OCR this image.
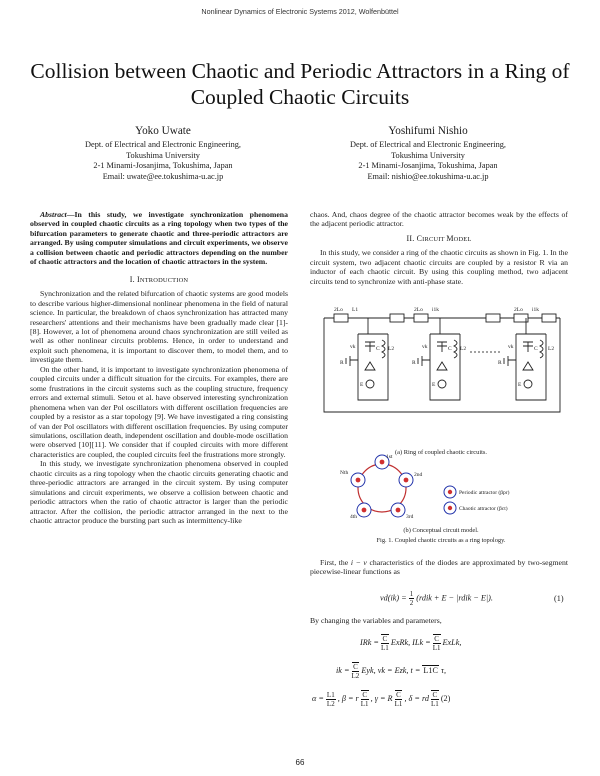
Nonlinear Dynamics of Electronic Systems 2012, Wolfenbüttel
Collision between Chaotic and Periodic Attractors in a Ring of Coupled Chaotic Circuits
Yoko Uwate
Dept. of Electrical and Electronic Engineering,
Tokushima University
2-1 Minami-Josanjima, Tokushima, Japan
Email: uwate@ee.tokushima-u.ac.jp
Yoshifumi Nishio
Dept. of Electrical and Electronic Engineering,
Tokushima University
2-1 Minami-Josanjima, Tokushima, Japan
Email: nishio@ee.tokushima-u.ac.jp

Abstract—In this study, we investigate synchronization phenomena observed in coupled chaotic circuits as a ring topology when two types of the bifurcation parameters to generate chaotic and three-periodic attractors are arranged. By using computer simulations and circuit experiments, we observe a collision between chaotic and periodic attractors depending on the number of chaotic attractors and the location of chaotic attractors in the system.

I. INTRODUCTION

Synchronization and the related bifurcation of chaotic systems are good models to describe various higher-dimensional nonlinear phenomena in the field of natural science. In particular, the breakdown of chaos synchronization has attracted many researchers' attentions and their mechanisms have been gradually made clear [1]-[8]. However, a lot of phenomena around chaos synchronization are still veiled as well as other nonlinear circuits problems. Hence, in order to understand and exploit such phenomena, it is important to discover them, to model them, and to investigate them.

On the other hand, it is important to investigate synchronization phenomena of coupled circuits under a difficult situation for the circuits. For examples, there are some frustrations in the circuit systems such as the coupling structure, frequency errors and external stimuli. Setou et al. have observed interesting synchronization phenomena when van der Pol oscillators with different oscillation frequencies are coupled by a resistor as a star topology [9]. We have investigated a ring consisting of van der Pol oscillators with different oscillation frequencies. By using computer simulations, oscillation death, independent oscillation and double-mode oscillation were observed [10][11]. We consider that if coupled circuits with more different characteristics are coupled, the coupled circuits feel the frustrations more strongly.

In this study, we investigate synchronization phenomena observed in coupled chaotic circuits as a ring topology when the chaotic circuits generating chaotic and three-periodic attractors are arranged in the circuit system. By using computer simulations and circuit experiments, we observe a collision between chaotic and periodic attractors when the ratio of chaotic attractor is larger than the periodic attractor. After the collision, the periodic attractor arranged in the next to the chaotic attractor produce the bursting part such as intermittency-like

chaos. And, chaos degree of the chaotic attractor becomes weak by the effects of the adjacent periodic attractor.

II. CIRCUIT MODEL

In this study, we consider a ring of the chaotic circuits as shown in Fig. 1. In the circuit system, two adjacent chaotic circuits are coupled by a resistor R via an inductor of each chaotic circuit. By using this coupling method, two adjacent circuits tend to synchronize with anti-phase state.

2Lo L1	2Lo i1k	2Lo i1k
vk	C L2
R
E
vk	C L2
R
E
vk	C L2
R
E
(a) Ring of coupled chaotic circuits.
1st
2nd
3rd
4th
Nth
Periodic attractor (βpr)
Chaotic attractor (βct)
(b) Conceptual circuit model.
Fig. 1. Coupled chaotic circuits as a ring topology.

First, the i − v characteristics of the diodes are approximated by two-segment piecewise-linear functions as

$vd(ik) = \frac{1}{2}$ (rdik + E − |rdik − E|).	(1)

By changing the variables and parameters,

IRk = $\frac{C}{L1}$ ExRk, ILk = $\frac{C}{L1}$ ExLk,
ik = $\frac{C}{L2}$ Eyk, vk = Ezk, t = L1C τ,
$\alpha = \frac{L1}{L2}$ , β = r $\frac{C}{L1}$ , γ = R $\frac{C}{L1}$ , δ = rd $\frac{C}{L1} (2)$
66
